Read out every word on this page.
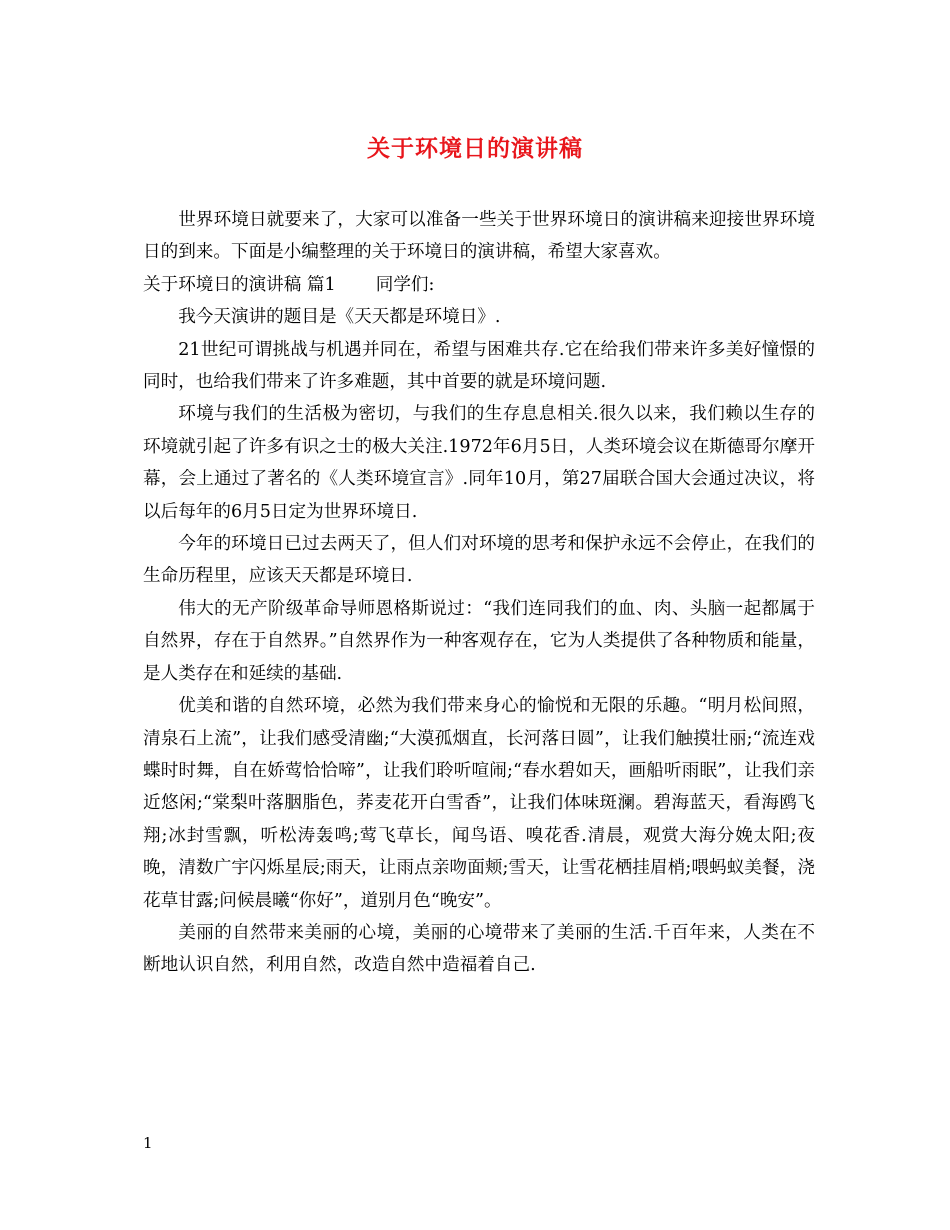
关于环境日的演讲稿

世界环境日就要来了，大家可以准备一些关于世界环境日的演讲稿来迎接世界环境日的到来。下面是小编整理的关于环境日的演讲稿，希望大家喜欢。

关于环境日的演讲稿 篇1 同学们:

我今天演讲的题目是《天天都是环境日》.

21世纪可谓挑战与机遇并同在，希望与困难共存.它在给我们带来许多美好憧憬的同时，也给我们带来了许多难题，其中首要的就是环境问题.

环境与我们的生活极为密切，与我们的生存息息相关.很久以来，我们赖以生存的环境就引起了许多有识之士的极大关注.1972年6月5日，人类环境会议在斯德哥尔摩开幕，会上通过了著名的《人类环境宣言》.同年10月，第27届联合国大会通过决议，将以后每年的6月5日定为世界环境日.

今年的环境日已过去两天了，但人们对环境的思考和保护永远不会停止，在我们的生命历程里，应该天天都是环境日.

伟大的无产阶级革命导师恩格斯说过：“我们连同我们的血、肉、头脑一起都属于自然界，存在于自然界。”自然界作为一种客观存在，它为人类提供了各种物质和能量，是人类存在和延续的基础.

优美和谐的自然环境，必然为我们带来身心的愉悦和无限的乐趣。“明月松间照，清泉石上流”，让我们感受清幽;“大漠孤烟直，长河落日圆”，让我们触摸壮丽;“流连戏蝶时时舞，自在娇莺恰恰啼”，让我们聆听喧闹;“春水碧如天，画船听雨眠”，让我们亲近悠闲;“棠梨叶落胭脂色，荞麦花开白雪香”，让我们体味斑澜。碧海蓝天，看海鸥飞翔;冰封雪飘，听松涛轰鸣;莺飞草长，闻鸟语、嗅花香.清晨，观赏大海分娩太阳;夜晚，清数广宇闪烁星辰;雨天，让雨点亲吻面颊;雪天，让雪花栖挂眉梢;喂蚂蚁美餐，浇花草甘露;问候晨曦“你好”，道别月色“晚安”。

美丽的自然带来美丽的心境，美丽的心境带来了美丽的生活.千百年来，人类在不断地认识自然，利用自然，改造自然中造福着自己.

1
